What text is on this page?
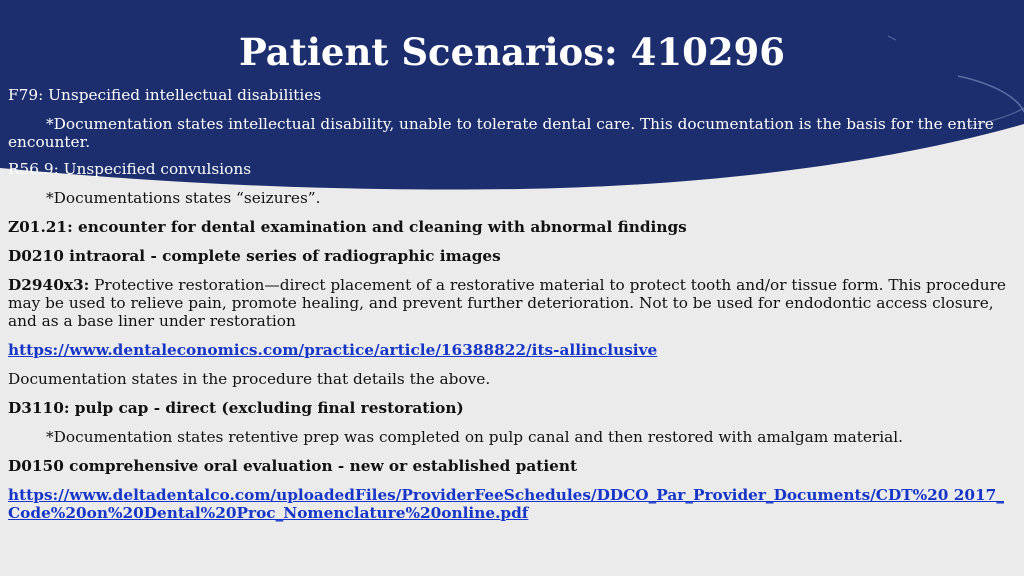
Patient Scenarios: 410296

F79: Unspecified intellectual disabilities

*Documentation states intellectual disability, unable to tolerate dental care. This documentation is the basis for the entire
encounter.

R56.9: Unspecified convulsions

*Documentations states “seizures”.

Z01.21: encounter for dental examination and cleaning with abnormal findings

D0210 intraoral - complete series of radiographic images

D2940x3: Protective restoration—direct placement of a restorative material to protect tooth and/or tissue form. This procedure may be used to relieve pain, promote healing, and prevent further deterioration. Not to be used for endodontic access closure, and as a base liner under restoration

https://www.dentaleconomics.com/practice/article/16388822/its-allinclusive

Documentation states in the procedure that details the above.

D3110: pulp cap - direct (excluding final restoration)

*Documentation states retentive prep was completed on pulp canal and then restored with amalgam material.

D0150 comprehensive oral evaluation - new or established patient

https://www.deltadentalco.com/uploadedFiles/ProviderFeeSchedules/DDCO_Par_Provider_Documents/CDT%20 2017_Code%20on%20Dental%20Proc_Nomenclature%20online.pdf
